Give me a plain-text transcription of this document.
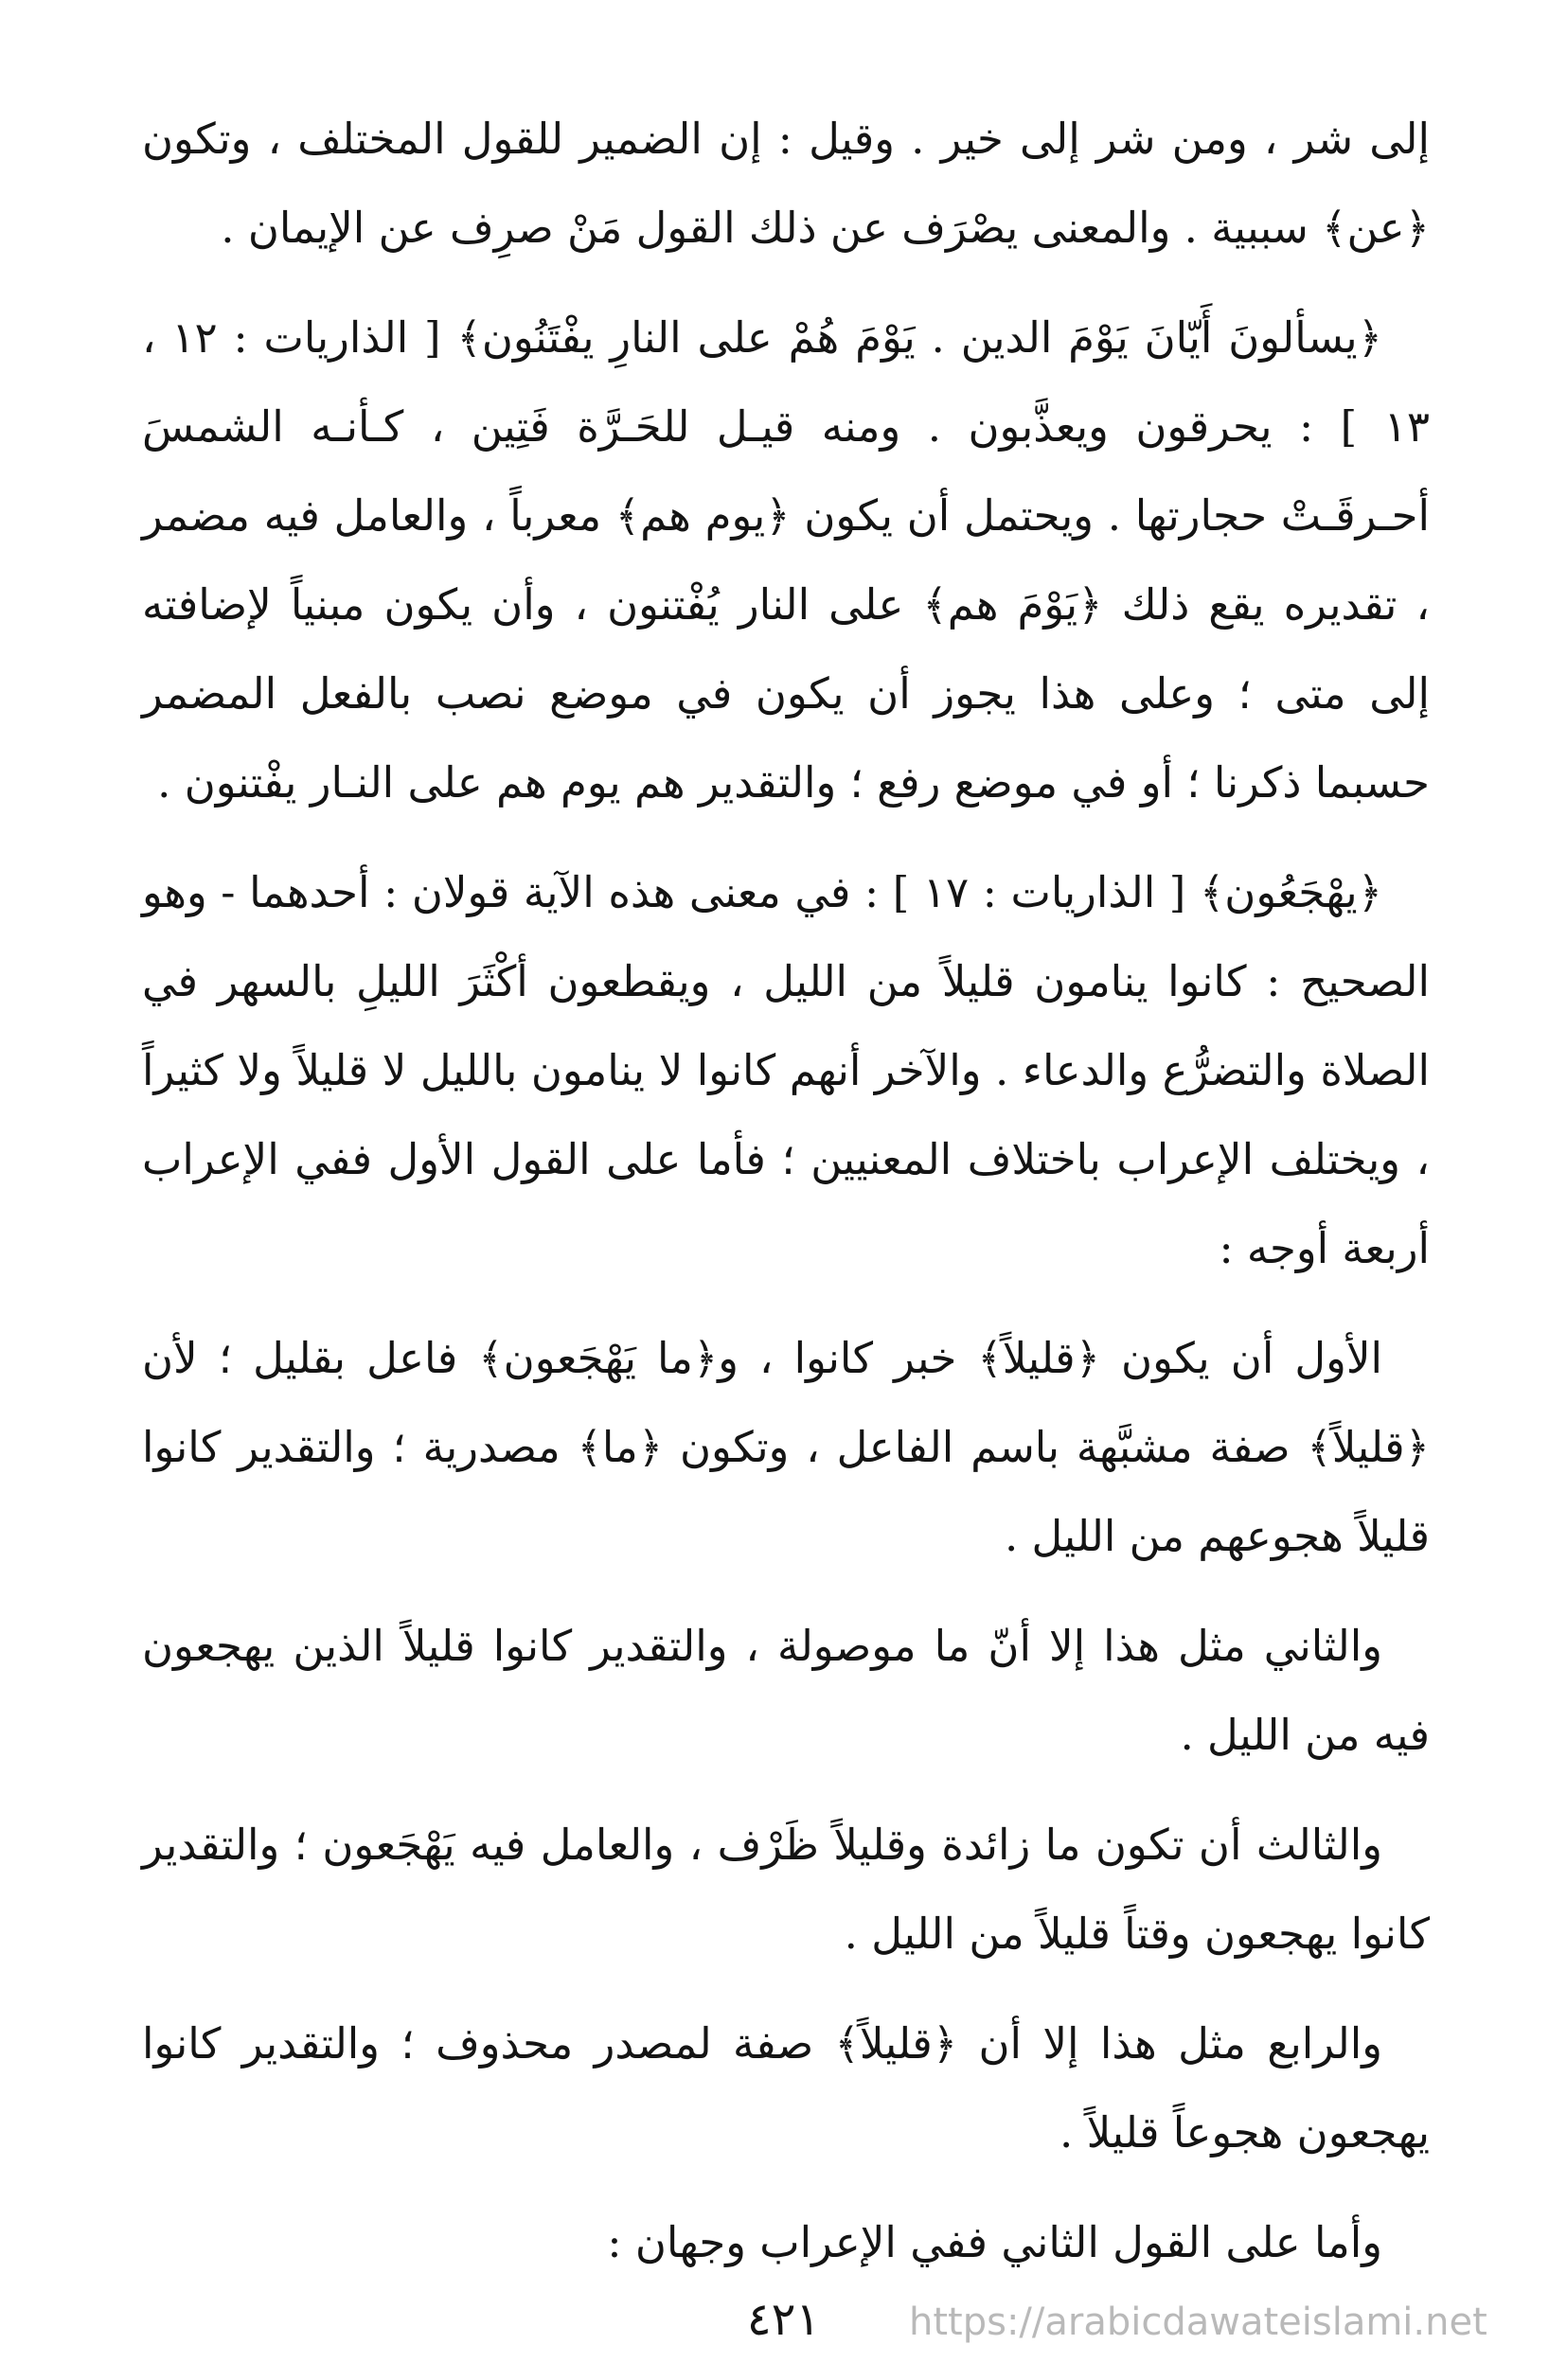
إلى شر ، ومن شر إلى خير . وقيل : إن الضمير للقول المختلف ، وتكون ﴿عن﴾ سببية . والمعنى يصْرَف عن ذلك القول مَنْ صرِف عن الإيمان .

﴿يسألونَ أَيّانَ يَوْمَ الدين . يَوْمَ هُمْ على النارِ يفْتَنُون﴾ [ الذاريات : ١٢ ، ١٣ ] : يحرقون ويعذَّبون . ومنه قيـل للحَـرَّة فَتِين ، كـأنـه الشمسَ أحـرقَـتْ حجارتها . ويحتمل أن يكون ﴿يوم هم﴾ معرباً ، والعامل فيه مضمر ، تقديره يقع ذلك ﴿يَوْمَ هم﴾ على النار يُفْتنون ، وأن يكون مبنياً لإضافته إلى متى ؛ وعلى هذا يجوز أن يكون في موضع نصب بالفعل المضمر حسبما ذكرنا ؛ أو في موضع رفع ؛ والتقدير هم يوم هم على النـار يفْتنون .

﴿يهْجَعُون﴾ [ الذاريات : ١٧ ] : في معنى هذه الآية قولان : أحدهما - وهو الصحيح : كانوا ينامون قليلاً من الليل ، ويقطعون أكْثَرَ الليلِ بالسهر في الصلاة والتضرُّع والدعاء . والآخر أنهم كانوا لا ينامون بالليل لا قليلاً ولا كثيراً ، ويختلف الإعراب باختلاف المعنيين ؛ فأما على القول الأول ففي الإعراب أربعة أوجه :

الأول أن يكون ﴿قليلاً﴾ خبر كانوا ، و﴿ما يَهْجَعون﴾ فاعل بقليل ؛ لأن ﴿قليلاً﴾ صفة مشبَّهة باسم الفاعل ، وتكون ﴿ما﴾ مصدرية ؛ والتقدير كانوا قليلاً هجوعهم من الليل .

والثاني مثل هذا إلا أنّ ما موصولة ، والتقدير كانوا قليلاً الذين يهجعون فيه من الليل .

والثالث أن تكون ما زائدة وقليلاً ظَرْف ، والعامل فيه يَهْجَعون ؛ والتقدير كانوا يهجعون وقتاً قليلاً من الليل .

والرابع مثل هذا إلا أن ﴿قليلاً﴾ صفة لمصدر محذوف ؛ والتقدير كانوا يهجعون هجوعاً قليلاً .

وأما على القول الثاني ففي الإعراب وجهان :

٤٢١	https://arabicdawateislami.net
